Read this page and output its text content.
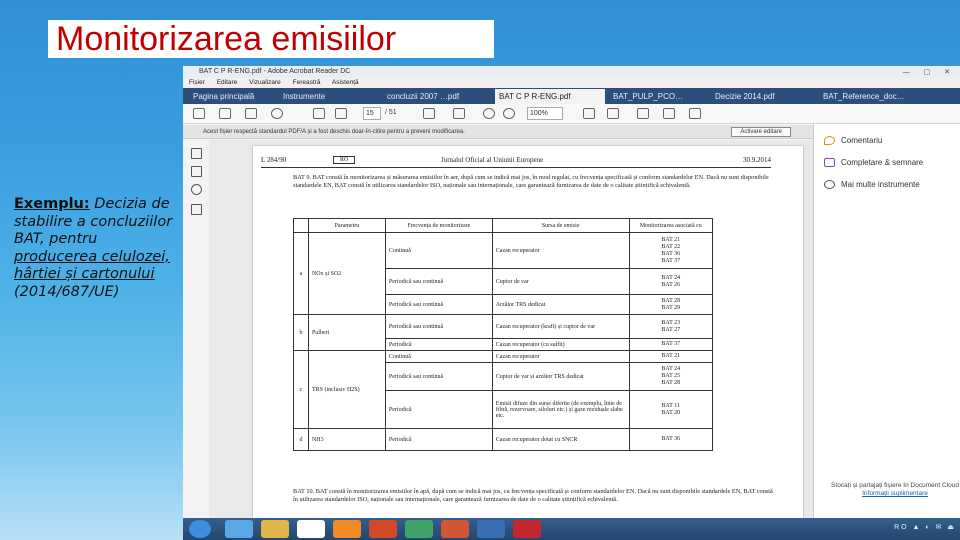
Monitorizarea emisiilor
Exemplu: Decizia de stabilire a concluziilor BAT, pentru producerea celulozei, hârtiei și cartonului (2014/687/UE)
BAT C P R-ENG.pdf - Adobe Acrobat Reader DC	— ▢ ✕
Fișier Editare Vizualizare Fereastră Asistență
Pagina principală	Instrumente	concluzii 2007 …pdf	BAT C P R-ENG.pdf	BAT_PULP_PCO…	Decizie 2014.pdf	BAT_Reference_doc…
15	/ 51	100%
Acest fișier respectă standardul PDF/A și a fost deschis doar-în-citire pentru a preveni modificarea.	Activare editare
L 284/90	RO	Jurnalul Oficial al Uniunii Europene	30.9.2014
BAT 9. BAT constă în monitorizarea și măsurarea emisiilor în aer, după cum se indică mai jos, în mod regulat, cu frecvența specificată și conform standardelor EN. Dacă nu sunt disponibile standardele EN, BAT constă în utilizarea standardelor ISO, naționale sau internaționale, care garantează furnizarea de date de o calitate științifică echivalentă.
	Parametru	Frecvența de monitorizare	Sursa de emisie	Monitorizarea asociată cu
a	NOx și SO2	Continuă	Cazan recuperator	BAT 21
BAT 22
BAT 36
BAT 37
		Periodică sau continuă	Cuptor de var	BAT 24
BAT 26
		Periodică sau continuă	Arzător TRS dedicat	BAT 28
BAT 29
b	Pulberi	Periodică sau continuă	Cazan recuperator (kraft) și cuptor de var	BAT 23
BAT 27
		Periodică	Cazan recuperator (cu sulfit)	BAT 37
c	TRS (inclusiv H2S)	Continuă	Cazan recuperator	BAT 21
		Periodică sau continuă	Cuptor de var și arzător TRS dedicat	BAT 24
BAT 25
BAT 28
		Periodică	Emisii difuze din surse diferite (de exemplu, linie de fibră, rezervoare, siloluri etc.) și gaze reziduale slabe etc.	BAT 11
BAT 20
d	NH3	Periodică	Cazan recuperator dotat cu SNCR	BAT 36
BAT 10. BAT constă în monitorizarea emisiilor în apă, după cum se indică mai jos, cu frecvența specificată și conform standardelor EN. Dacă nu sunt disponibile standardele EN, BAT constă în utilizarea standardelor ISO, naționale sau internaționale, care garantează furnizarea de date de o calitate științifică echivalentă.
Comentariu
Completare & semnare
Mai multe instrumente
Stocați și partajați fișiere în Document Cloud
Informații suplimentare
RO ▲ ◐ ✉ ⏏
